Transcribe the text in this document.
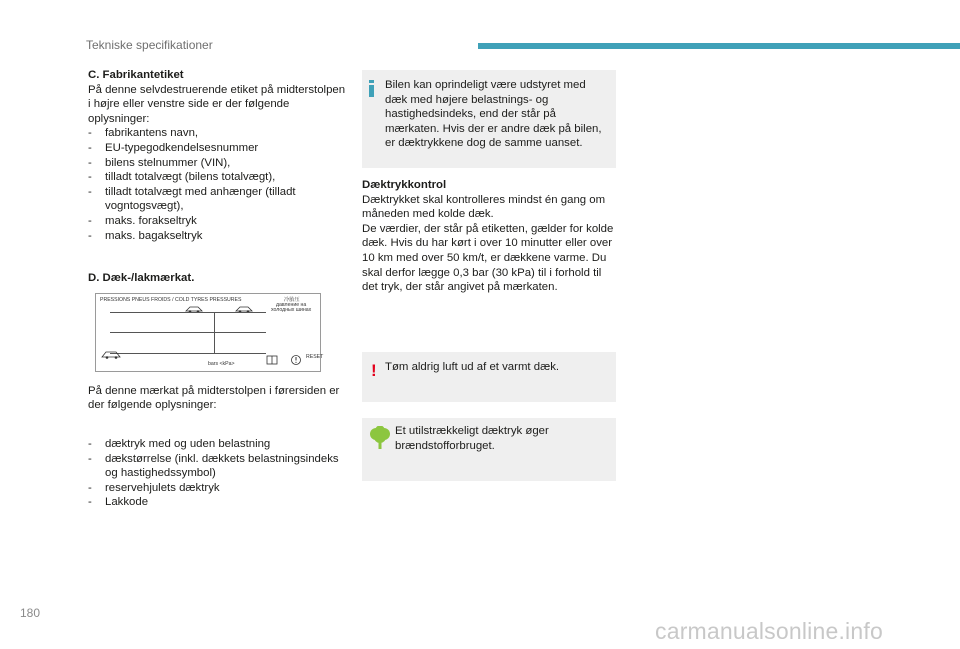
Tekniske specifikationer
C. Fabrikantetiket
På denne selvdestruerende etiket på midterstolpen i højre eller venstre side er der følgende oplysninger:
- fabrikantens navn,
- EU-typegodkendelsesnummer
- bilens stelnummer (VIN),
- tilladt totalvægt (bilens totalvægt),
- tilladt totalvægt med anhænger (tilladt vogntogsvægt),
- maks. forakseltryk
- maks. bagakseltryk
D. Dæk-/lakmærkat.
På denne mærkat på midterstolpen i førersiden er der følgende oplysninger:
- dæktryk med og uden belastning
- dækstørrelse (inkl. dækkets belastningsindeks og hastighedssymbol)
- reservehjulets dæktryk
- Lakkode
PRESSIONS PNEUS FROIDS / COLD TYRES PRESSURES	冷胎压
давление на
холодных шинах
bars <kPa>
RESET
Bilen kan oprindeligt være udstyret med dæk med højere belastnings- og hastighedsindeks, end der står på mærkaten. Hvis der er andre dæk på bilen, er dæktrykkene dog de samme uanset.
Dæktrykkontrol
Dæktrykket skal kontrolleres mindst én gang om måneden med kolde dæk.
De værdier, der står på etiketten, gælder for kolde dæk. Hvis du har kørt i over 10 minutter eller over 10 km med over 50 km/t, er dækkene varme. Du skal derfor lægge 0,3 bar (30 kPa) til i forhold til det tryk, der står angivet på mærkaten.
! Tøm aldrig luft ud af et varmt dæk.
Et utilstrækkeligt dæktryk øger brændstofforbruget.
180
carmanualsonline.info
